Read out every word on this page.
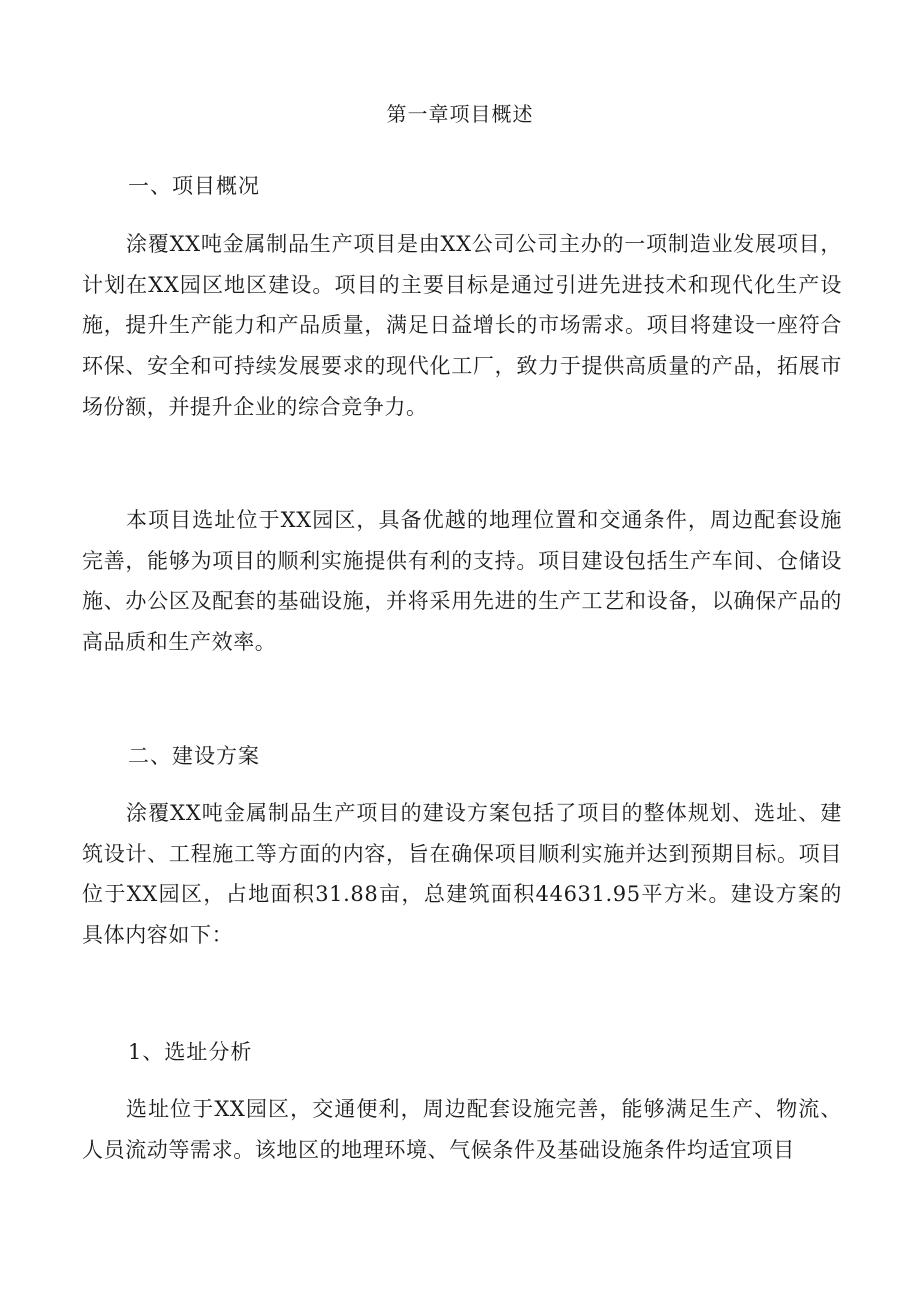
第一章项目概述
一、项目概况

涂覆XX吨金属制品生产项目是由XX公司公司主办的一项制造业发展项目，计划在XX园区地区建设。项目的主要目标是通过引进先进技术和现代化生产设施，提升生产能力和产品质量，满足日益增长的市场需求。项目将建设一座符合环保、安全和可持续发展要求的现代化工厂，致力于提供高质量的产品，拓展市场份额，并提升企业的综合竞争力。

本项目选址位于XX园区，具备优越的地理位置和交通条件，周边配套设施完善，能够为项目的顺利实施提供有利的支持。项目建设包括生产车间、仓储设施、办公区及配套的基础设施，并将采用先进的生产工艺和设备，以确保产品的高品质和生产效率。

二、建设方案

涂覆XX吨金属制品生产项目的建设方案包括了项目的整体规划、选址、建筑设计、工程施工等方面的内容，旨在确保项目顺利实施并达到预期目标。项目位于XX园区，占地面积31.88亩，总建筑面积44631.95平方米。建设方案的具体内容如下：

1、选址分析

选址位于XX园区，交通便利，周边配套设施完善，能够满足生产、物流、人员流动等需求。该地区的地理环境、气候条件及基础设施条件均适宜项目
